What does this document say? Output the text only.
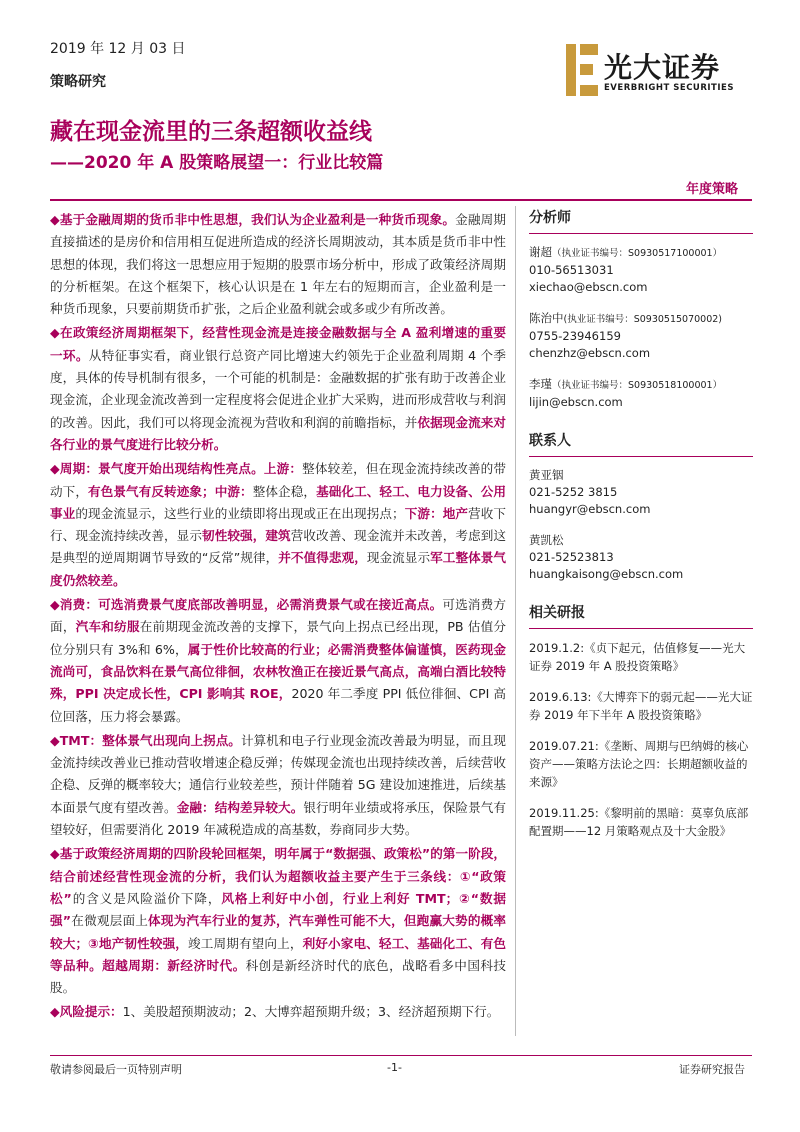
2019 年 12 月 03 日
策略研究	光大证券
EVERBRIGHT SECURITIES
藏在现金流里的三条超额收益线
——2020 年 A 股策略展望一：行业比较篇
年度策略

◆基于金融周期的货币非中性思想，我们认为企业盈利是一种货币现象。金融周期直接描述的是房价和信用相互促进所造成的经济长周期波动，其本质是货币非中性思想的体现，我们将这一思想应用于短期的股票市场分析中，形成了政策经济周期的分析框架。在这个框架下，核心认识是在 1 年左右的短期而言，企业盈利是一种货币现象，只要前期货币扩张，之后企业盈利就会或多或少有所改善。

◆在政策经济周期框架下，经营性现金流是连接金融数据与全 A 盈利增速的重要一环。从特征事实看，商业银行总资产同比增速大约领先于企业盈利周期 4 个季度，具体的传导机制有很多，一个可能的机制是：金融数据的扩张有助于改善企业现金流，企业现金流改善到一定程度将会促进企业扩大采购，进而形成营收与利润的改善。因此，我们可以将现金流视为营收和利润的前瞻指标，并依据现金流来对各行业的景气度进行比较分析。

◆周期：景气度开始出现结构性亮点。上游：整体较差，但在现金流持续改善的带动下，有色景气有反转迹象；中游：整体企稳，基础化工、轻工、电力设备、公用事业的现金流显示，这些行业的业绩即将出现或正在出现拐点；下游：地产营收下行、现金流持续改善，显示韧性较强，建筑营收改善、现金流并未改善，考虑到这是典型的逆周期调节导致的“反常”规律，并不值得悲观，现金流显示军工整体景气度仍然较差。

◆消费：可选消费景气度底部改善明显，必需消费景气或在接近高点。可选消费方面，汽车和纺服在前期现金流改善的支撑下，景气向上拐点已经出现，PB 估值分位分别只有 3%和 6%，属于性价比较高的行业；必需消费整体偏谨慎，医药现金流尚可，食品饮料在景气高位徘徊，农林牧渔正在接近景气高点，高端白酒比较特殊，PPI 决定成长性，CPI 影响其 ROE，2020 年二季度 PPI 低位徘徊、CPI 高位回落，压力将会暴露。

◆TMT：整体景气出现向上拐点。计算机和电子行业现金流改善最为明显，而且现金流持续改善业已推动营收增速企稳反弹；传媒现金流也出现持续改善，后续营收企稳、反弹的概率较大；通信行业较差些，预计伴随着 5G 建设加速推进，后续基本面景气度有望改善。金融：结构差异较大。银行明年业绩或将承压，保险景气有望较好，但需要消化 2019 年减税造成的高基数，券商同步大势。

◆基于政策经济周期的四阶段轮回框架，明年属于“数据强、政策松”的第一阶段，结合前述经营性现金流的分析，我们认为超额收益主要产生于三条线：①“政策松”的含义是风险溢价下降，风格上利好中小创，行业上利好 TMT；②“数据强”在微观层面上体现为汽车行业的复苏，汽车弹性可能不大，但跑赢大势的概率较大；③地产韧性较强，竣工周期有望向上，利好小家电、轻工、基础化工、有色等品种。超越周期：新经济时代。科创是新经济时代的底色，战略看多中国科技股。

◆风险提示：1、美股超预期波动；2、大博弈超预期升级；3、经济超预期下行。

分析师
谢超（执业证书编号：S0930517100001）
010-56513031
xiechao@ebscn.com
陈治中(执业证书编号：S0930515070002)
0755-23946159
chenzhz@ebscn.com
李瑾（执业证书编号：S0930518100001）
lijin@ebscn.com
联系人
黄亚铟
021-5252 3815
huangyr@ebscn.com
黄凯松
021-52523813
huangkaisong@ebscn.com
相关研报
2019.1.2:《贞下起元，估值修复——光大证券 2019 年 A 股投资策略》
2019.6.13:《大博弈下的弱元起——光大证券 2019 年下半年 A 股投资策略》
2019.07.21:《垄断、周期与巴纳姆的核心资产——策略方法论之四：长期超额收益的来源》
2019.11.25:《黎明前的黑暗：莫辜负底部配置期——12 月策略观点及十大金股》
敬请参阅最后一页特别声明	-1-	证券研究报告
